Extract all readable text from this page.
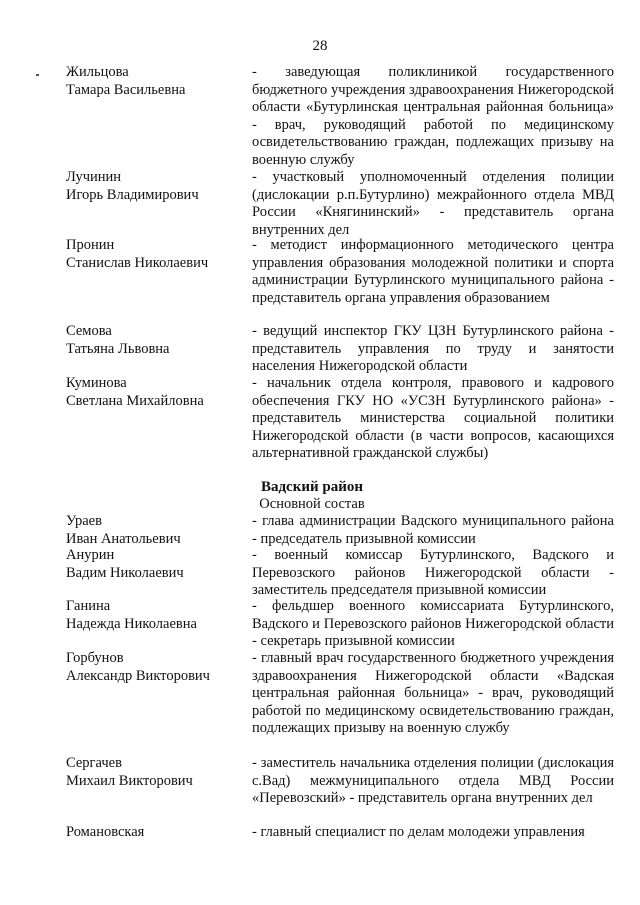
28
Жильцова
Тамара Васильевна
- заведующая поликлиникой государственного бюджетного учреждения здравоохранения Нижегородской области «Бутурлинская центральная районная больница» - врач, руководящий работой по медицинскому освидетельствованию граждан, подлежащих призыву на военную службу
Лучинин
Игорь Владимирович
- участковый уполномоченный отделения полиции (дислокации р.п.Бутурлино) межрайонного отдела МВД России «Княгининский» - представитель органа внутренних дел
Пронин
Станислав Николаевич
- методист информационного методического центра управления образования молодежной политики и спорта администрации Бутурлинского муниципального района - представитель органа управления образованием
Семова
Татьяна Львовна
- ведущий инспектор ГКУ ЦЗН Бутурлинского района - представитель управления по труду и занятости населения Нижегородской области
Куминова
Светлана Михайловна
- начальник отдела контроля, правового и кадрового обеспечения ГКУ НО «УСЗН Бутурлинского района» - представитель министерства социальной политики Нижегородской области (в части вопросов, касающихся альтернативной гражданской службы)
Вадский район
Основной состав
Ураев
Иван Анатольевич
- глава администрации Вадского муниципального района - председатель призывной комиссии
Анурин
Вадим Николаевич
- военный комиссар Бутурлинского, Вадского и Перевозского районов Нижегородской области - заместитель председателя призывной комиссии
Ганина
Надежда Николаевна
- фельдшер военного комиссариата Бутурлинского, Вадского и Перевозского районов Нижегородской области - секретарь призывной комиссии
Горбунов
Александр Викторович
- главный врач государственного бюджетного учреждения здравоохранения Нижегородской области «Вадская центральная районная больница» - врач, руководящий работой по медицинскому освидетельствованию граждан, подлежащих призыву на военную службу
Сергачев
Михаил Викторович
- заместитель начальника отделения полиции (дислокация с.Вад) межмуниципального отдела МВД России «Перевозский» - представитель органа внутренних дел
Романовская	- главный специалист по делам молодежи управления
